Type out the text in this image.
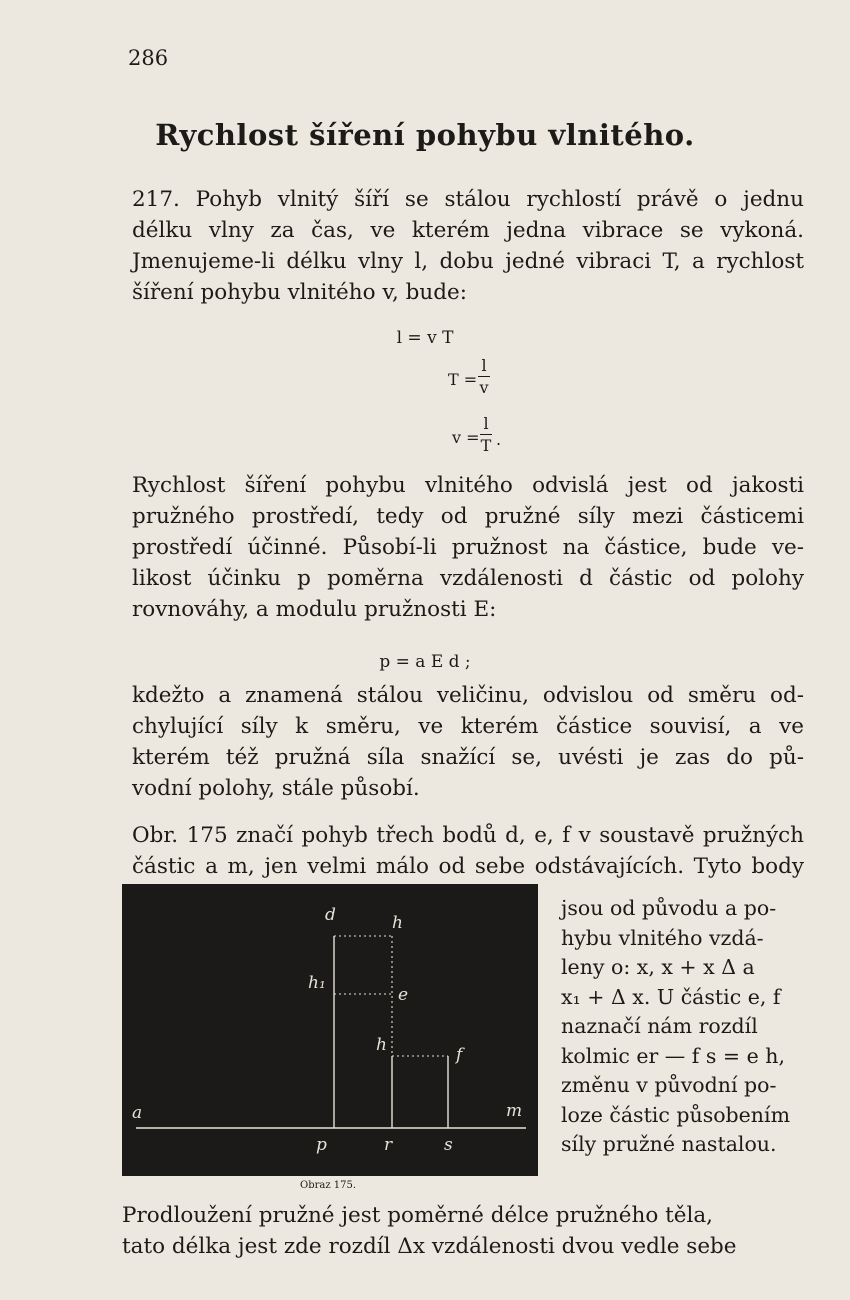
286
Rychlost šíření pohybu vlnitého.
217. Pohyb vlnitý šíří se stálou rychlostí právě o jednu
délku vlny za čas, ve kterém jedna vibrace se vykoná.
Jmenujeme-li délku vlny l, dobu jedné vibraci T, a rychlost
šíření pohybu vlnitého v, bude:
l = v T
T =
l
v
v =
l
T .
Rychlost šíření pohybu vlnitého odvislá jest od jakosti
pružného prostředí, tedy od pružné síly mezi částicemi
prostředí účinné. Působí-li pružnost na částice, bude ve-
likost účinku p poměrna vzdálenosti d částic od polohy
rovnováhy, a modulu pružnosti E:
p = a E d ;
kdežto a znamená stálou veličinu, odvislou od směru od-
chylující síly k směru, ve kterém částice souvisí, a ve
kterém též pružná síla snažící se, uvésti je zas do pů-
vodní polohy, stále působí.
Obr. 175 značí pohyb třech bodů d, e, f v soustavě pružných
částic a m, jen velmi málo od sebe odstávajících. Tyto body
d	h
h₁
e
h	f
a	m
p	r	s
Obraz 175.
jsou od původu a po-
hybu vlnitého vzdá-
leny o: x, x + x Δ a
x₁ + Δ x. U částic e, f
naznačí nám rozdíl
kolmic er — f s = e h,
změnu v původní po-
loze částic působením
síly pružné nastalou.
Prodloužení pružné jest poměrné délce pružného těla,
tato délka jest zde rozdíl Δx vzdálenosti dvou vedle sebe
